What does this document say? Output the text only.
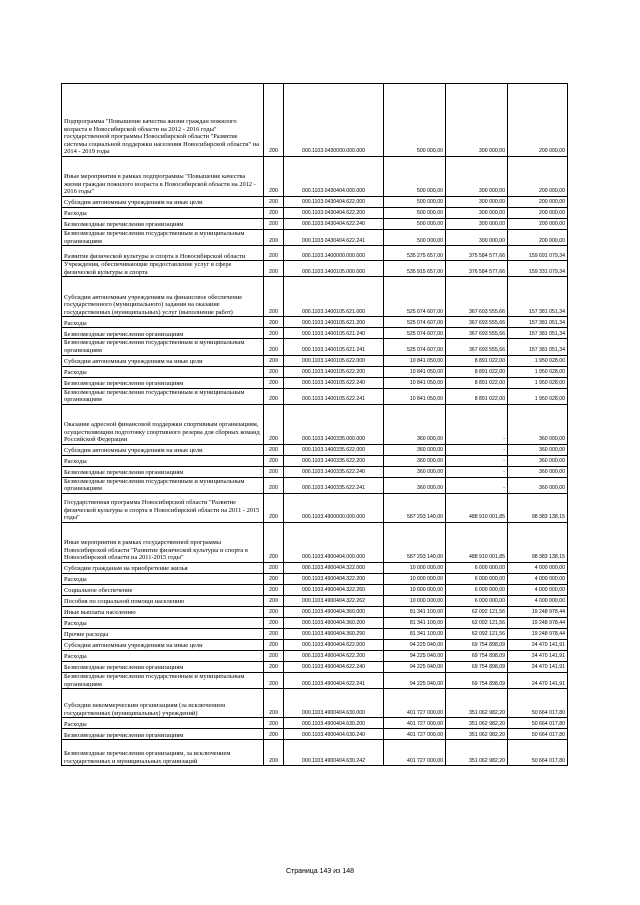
Подпрограмма "Повышение качества жизни граждан пожилого возраста в Новосибирской области на 2012 - 2016 годы" государственной программы Новосибирской области "Развитие системы социальной поддержки населения Новосибирской области" на 2014 - 2019 годы	200	000.1103.0430000.000.000	500 000,00	300 000,00	200 000,00
Иные мероприятия в рамках подпрограммы "Повышение качества жизни граждан пожилого возраста в Новосибирской области на 2012 - 2016 годы"	200	000.1103.0430404.000.000	500 000,00	300 000,00	200 000,00
Субсидии автономным учреждениям на иные цели	200	000.1103.0430404.622.000	500 000,00	300 000,00	200 000,00
Расходы	200	000.1103.0430404.622.200	500 000,00	300 000,00	200 000,00
Безвозмездные перечисления организациям	200	000.1103.0430404.622.240	500 000,00	300 000,00	200 000,00
Безвозмездные перечисления государственным и муниципальным организациям	200	000.1103.0430404.622.241	500 000,00	300 000,00	200 000,00
Развитие физической культуры и спорта в Новосибирской области	200	000.1103.1400000.000.000	535 275 657,00	375 584 577,66	159 691 079,34
Учреждения, обеспечивающие предоставление услуг в сфере физической культуры и спорта	200	000.1103.1400105.000.000	535 915 657,00	376 584 577,66	159 331 079,34
Субсидии автономным учреждениям на финансовое обеспечение государственного (муниципального) задания на оказание государственных (муниципальных) услуг (выполнение работ)	200	000.1103.1400105.621.000	525 074 607,00	367 693 555,66	157 381 051,34
Расходы	200	000.1103.1400105.621.200	525 074 607,00	367 693 555,66	157 381 051,34
Безвозмездные перечисления организациям	200	000.1103.1400105.621.240	525 074 607,00	367 693 555,66	157 381 051,34
Безвозмездные перечисления государственным и муниципальным организациям	200	000.1103.1400105.621.241	525 074 607,00	367 693 555,66	157 381 051,34
Субсидии автономным учреждениям на иные цели	200	000.1103.1400105.622.000	10 841 050,00	8 891 022,00	1 950 028,00
Расходы	200	000.1103.1400105.622.200	10 841 050,00	8 891 022,00	1 950 028,00
Безвозмездные перечисления организациям	200	000.1103.1400105.622.240	10 841 050,00	8 891 022,00	1 950 028,00
Безвозмездные перечисления государственным и муниципальным организациям	200	000.1103.1400105.622.241	10 841 050,00	8 891 022,00	1 950 028,00
Оказание адресной финансовой поддержки спортивным организациям, осуществляющим подготовку спортивного резерва для сборных команд Российской Федерации	200	000.1103.1400335.000.000	360 000,00	-	360 000,00
Субсидии автономным учреждениям на иные цели	200	000.1103.1400335.622.000	360 000,00	-	360 000,00
Расходы	200	000.1103.1400335.622.200	360 000,00	-	360 000,00
Безвозмездные перечисления организациям	200	000.1103.1400335.622.240	360 000,00	-	360 000,00
Безвозмездные перечисления государственным и муниципальным организациям	200	000.1103.1400335.622.241	360 000,00	-	360 000,00
Государственная программа Новосибирской области "Развитие физической культуры и спорта в Новосибирской области на 2011 - 2015 годы"	200	000.1103.4900000.000.000	587 293 140,00	488 910 001,85	98 383 138,15
Иные мероприятия в рамках государственной программы Новосибирской области "Развитие физической культуры и спорта в Новосибирской области на 2011-2015 годы"	200	000.1103.4900404.000.000	587 293 140,00	488 910 001,85	98 383 138,15
Субсидии гражданам на приобретение жилья	200	000.1103.4900404.322.000	10 000 000,00	6 000 000,00	4 000 000,00
Расходы	200	000.1103.4900404.322.200	10 000 000,00	6 000 000,00	4 000 000,00
Социальное обеспечение	200	000.1103.4900404.322.260	10 000 000,00	6 000 000,00	4 000 000,00
Пособия по социальной помощи населению	200	000.1103.4900404.322.262	10 000 000,00	6 000 000,00	4 000 000,00
Иные выплаты населению	200	000.1103.4900404.360.000	81 341 100,00	62 092 121,56	19 248 978,44
Расходы	200	000.1103.4900404.360.200	81 341 100,00	62 092 121,56	19 248 978,44
Прочие расходы	200	000.1103.4900404.360.290	81 341 100,00	62 092 121,56	19 248 978,44
Субсидии автономным учреждениям на иные цели	200	000.1103.4900404.622.000	94 225 040,00	69 754 898,09	24 470 141,91
Расходы	200	000.1103.4900404.622.200	94 225 040,00	69 754 898,09	24 470 141,91
Безвозмездные перечисления организациям	200	000.1103.4900404.622.240	94 225 040,00	69 754 898,09	24 470 141,91
Безвозмездные перечисления государственным и муниципальным организациям	200	000.1103.4900404.622.241	94 225 040,00	69 754 898,09	24 470 141,91
Субсидии некоммерческим организациям (за исключением государственных (муниципальных) учреждений)	200	000.1103.4900404.630.000	401 727 000,00	351 062 982,20	50 664 017,80
Расходы	200	000.1103.4900404.630.200	401 727 000,00	351 062 982,20	50 664 017,80
Безвозмездные перечисления организациям	200	000.1103.4900404.630.240	401 727 000,00	351 062 982,20	50 664 017,80
Безвозмездные перечисления организациям, за исключением государственных и муниципальных организаций	200	000.1103.4900404.630.242	401 727 000,00	351 062 982,20	50 664 017,80
Страница 143 из 148
